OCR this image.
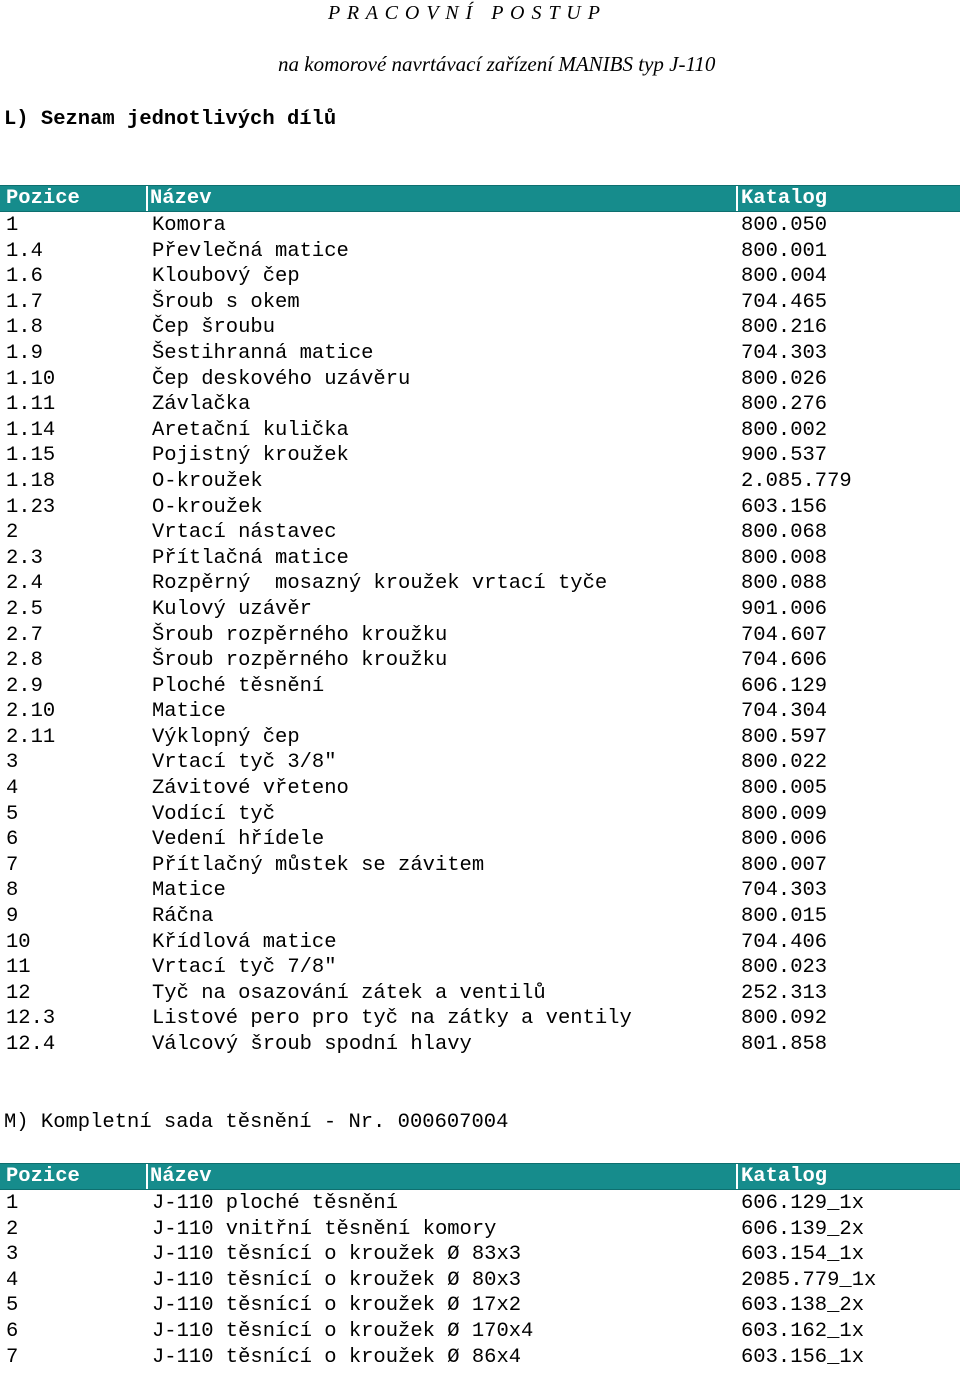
P R A C O V N Í   P O S T U P
na komorové navrtávací zařízení MANIBS typ J-110
L) Seznam jednotlivých dílů
Pozice	Název	Katalog
1	Komora	800.050
1.4	Převlečná matice	800.001
1.6	Kloubový čep	800.004
1.7	Šroub s okem	704.465
1.8	Čep šroubu	800.216
1.9	Šestihranná matice	704.303
1.10	Čep deskového uzávěru	800.026
1.11	Závlačka	800.276
1.14	Aretační kulička	800.002
1.15	Pojistný kroužek	900.537
1.18	O-kroužek	2.085.779
1.23	O-kroužek	603.156
2	Vrtací nástavec	800.068
2.3	Přítlačná matice	800.008
2.4	Rozpěrný  mosazný kroužek vrtací tyče	800.088
2.5	Kulový uzávěr	901.006
2.7	Šroub rozpěrného kroužku	704.607
2.8	Šroub rozpěrného kroužku	704.606
2.9	Ploché těsnění	606.129
2.10	Matice	704.304
2.11	Výklopný čep	800.597
3	Vrtací tyč 3/8"	800.022
4	Závitové vřeteno	800.005
5	Vodící tyč	800.009
6	Vedení hřídele	800.006
7	Přítlačný můstek se závitem	800.007
8	Matice	704.303
9	Ráčna	800.015
10	Křídlová matice	704.406
11	Vrtací tyč 7/8"	800.023
12	Tyč na osazování zátek a ventilů	252.313
12.3	Listové pero pro tyč na zátky a ventily	800.092
12.4	Válcový šroub spodní hlavy	801.858
M) Kompletní sada těsnění - Nr. 000607004
Pozice	Název	Katalog
1	J-110 ploché těsnění	606.129_1x
2	J-110 vnitřní těsnění komory	606.139_2x
3	J-110 těsnící o kroužek Ø 83x3	603.154_1x
4	J-110 těsnící o kroužek Ø 80x3	2085.779_1x
5	J-110 těsnící o kroužek Ø 17x2	603.138_2x
6	J-110 těsnící o kroužek Ø 170x4	603.162_1x
7	J-110 těsnící o kroužek Ø 86x4	603.156_1x
